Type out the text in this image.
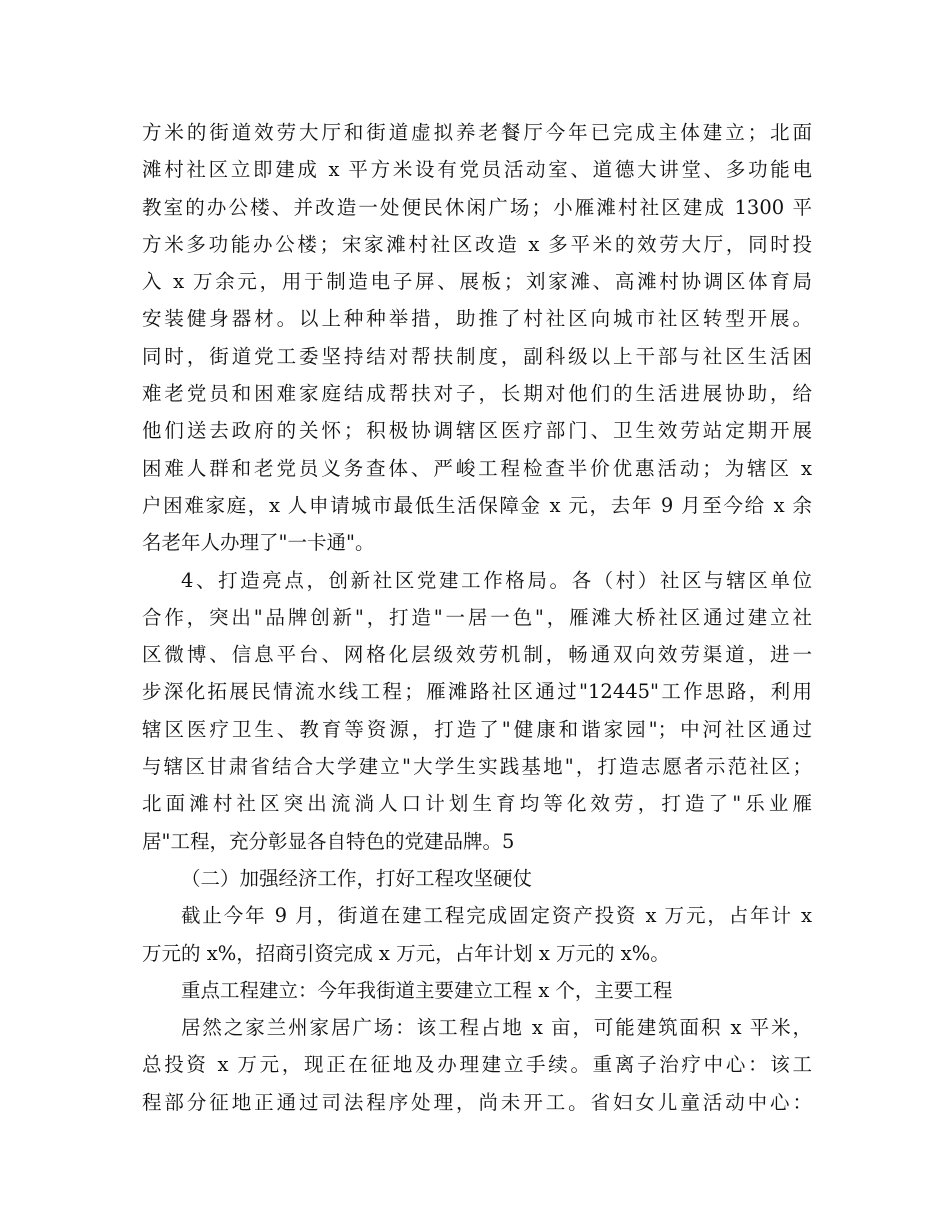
方米的街道效劳大厅和街道虚拟养老餐厅今年已完成主体建立；北面
滩村社区立即建成 x 平方米设有党员活动室、道德大讲堂、多功能电
教室的办公楼、并改造一处便民休闲广场；小雁滩村社区建成 1300 平
方米多功能办公楼；宋家滩村社区改造 x 多平米的效劳大厅，同时投
入 x 万余元，用于制造电子屏、展板；刘家滩、高滩村协调区体育局
安装健身器材。以上种种举措，助推了村社区向城市社区转型开展。
同时，街道党工委坚持结对帮扶制度，副科级以上干部与社区生活困
难老党员和困难家庭结成帮扶对子，长期对他们的生活进展协助，给
他们送去政府的关怀；积极协调辖区医疗部门、卫生效劳站定期开展
困难人群和老党员义务查体、严峻工程检查半价优惠活动；为辖区 x
户困难家庭，x 人申请城市最低生活保障金 x 元，去年 9 月至今给 x 余
名老年人办理了"一卡通"。
4、打造亮点，创新社区党建工作格局。各（村）社区与辖区单位
合作，突出"品牌创新"，打造"一居一色"，雁滩大桥社区通过建立社
区微博、信息平台、网格化层级效劳机制，畅通双向效劳渠道，进一
步深化拓展民情流水线工程；雁滩路社区通过"12445"工作思路，利用
辖区医疗卫生、教育等资源，打造了"健康和谐家园"；中河社区通过
与辖区甘肃省结合大学建立"大学生实践基地"，打造志愿者示范社区；
北面滩村社区突出流淌人口计划生育均等化效劳，打造了"乐业雁
居"工程，充分彰显各自特色的党建品牌。5
（二）加强经济工作，打好工程攻坚硬仗
截止今年 9 月，街道在建工程完成固定资产投资 x 万元，占年计 x
万元的 x%，招商引资完成 x 万元，占年计划 x 万元的 x%。
重点工程建立：今年我街道主要建立工程 x 个，主要工程
居然之家兰州家居广场：该工程占地 x 亩，可能建筑面积 x 平米，
总投资 x 万元，现正在征地及办理建立手续。重离子治疗中心：该工
程部分征地正通过司法程序处理，尚未开工。省妇女儿童活动中心：
